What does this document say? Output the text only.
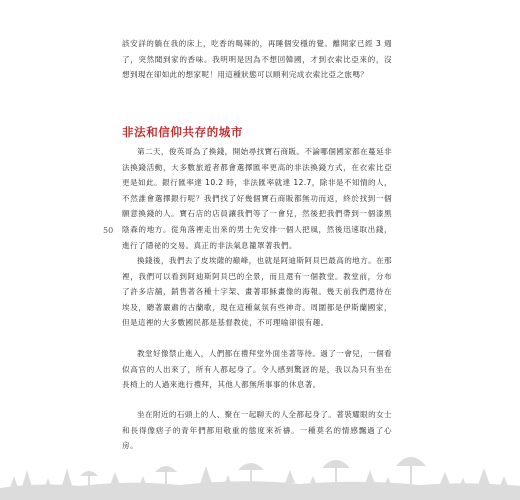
該安詳的躺在我的床上，吃香的喝辣的，再睡個安穩的覺。離開家已經 3 週了，突然聞到家的香味。我明明是因為不想回韓國，才到衣索比亞來的，沒想到現在卻如此的想家呢！用這種狀態可以順利完成衣索比亞之旅嗎？

非法和信仰共存的城市

第二天，俊英哥為了換錢，開始尋找寶石商販。不論哪個國家都在蔓延非法換錢活動，大多數旅遊者都會選擇匯率更高的非法換錢方式，在衣索比亞更是如此。銀行匯率達 10.2 時，非法匯率就達 12.7，除非是不知情的人，不然誰會選擇銀行呢？我們找了好幾個寶石商販都無功而返，終於找到一個願意換錢的人。寶石店的店員讓我們等了一會兒，然後把我們帶到一個漆黑陰森的地方。從角落裡走出來的男士先安排一個人把風，然後迅速取出錢，進行了隱祕的交易。真正的非法氣息籠罩著我們。

換錢後，我們去了皮埃薩的巔峰，也就是阿迪斯阿貝巴最高的地方。在那裡，我們可以看到阿迪斯阿貝巴的全景，而且還有一個教堂。教堂前，分布了許多店舖，銷售著各種十字架、畫著耶穌畫像的海報。幾天前我們還待在埃及，聽著嚴肅的古蘭歌，現在這種氣氛有些神奇。周圍都是伊斯蘭國家，但是這裡的大多數國民都是基督教徒，不可理喻卻很有趣。

教堂好像禁止進入，人們都在禮拜堂外面坐著等待。過了一會兒，一個看似高官的人出來了，所有人都起身了。令人感到驚訝的是，我以為只有坐在長椅上的人過來進行禮拜，其他人都無所事事的休息著。

坐在附近的石頭上的人、聚在一起聊天的人全都起身了。著裝耀眼的女士和長得像痞子的青年們都用敬重的態度來祈禱。一種莫名的情感飄過了心房。

50
